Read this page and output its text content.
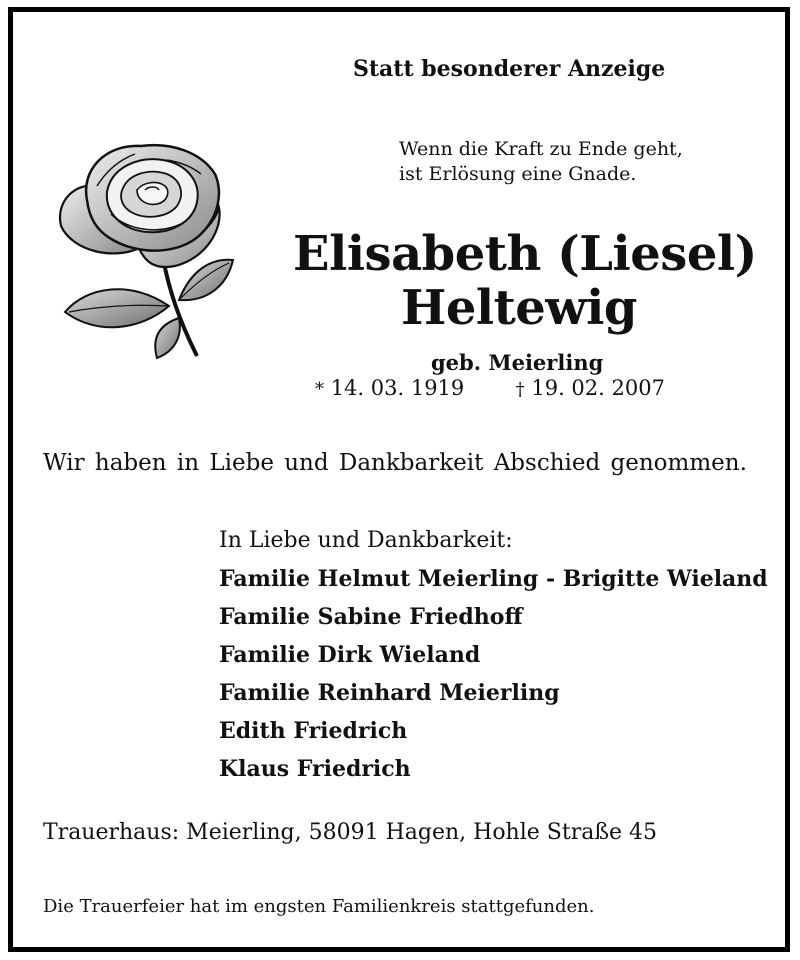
Statt besonderer Anzeige
Wenn die Kraft zu Ende geht,
ist Erlösung eine Gnade.
Elisabeth (Liesel)
Heltewig
geb. Meierling
* 14. 03. 1919	† 19. 02. 2007
Wir haben in Liebe und Dankbarkeit Abschied genommen.
In Liebe und Dankbarkeit:
Familie Helmut Meierling - Brigitte Wieland
Familie Sabine Friedhoff
Familie Dirk Wieland
Familie Reinhard Meierling
Edith Friedrich
Klaus Friedrich
Trauerhaus: Meierling, 58091 Hagen, Hohle Straße 45
Die Trauerfeier hat im engsten Familienkreis stattgefunden.
